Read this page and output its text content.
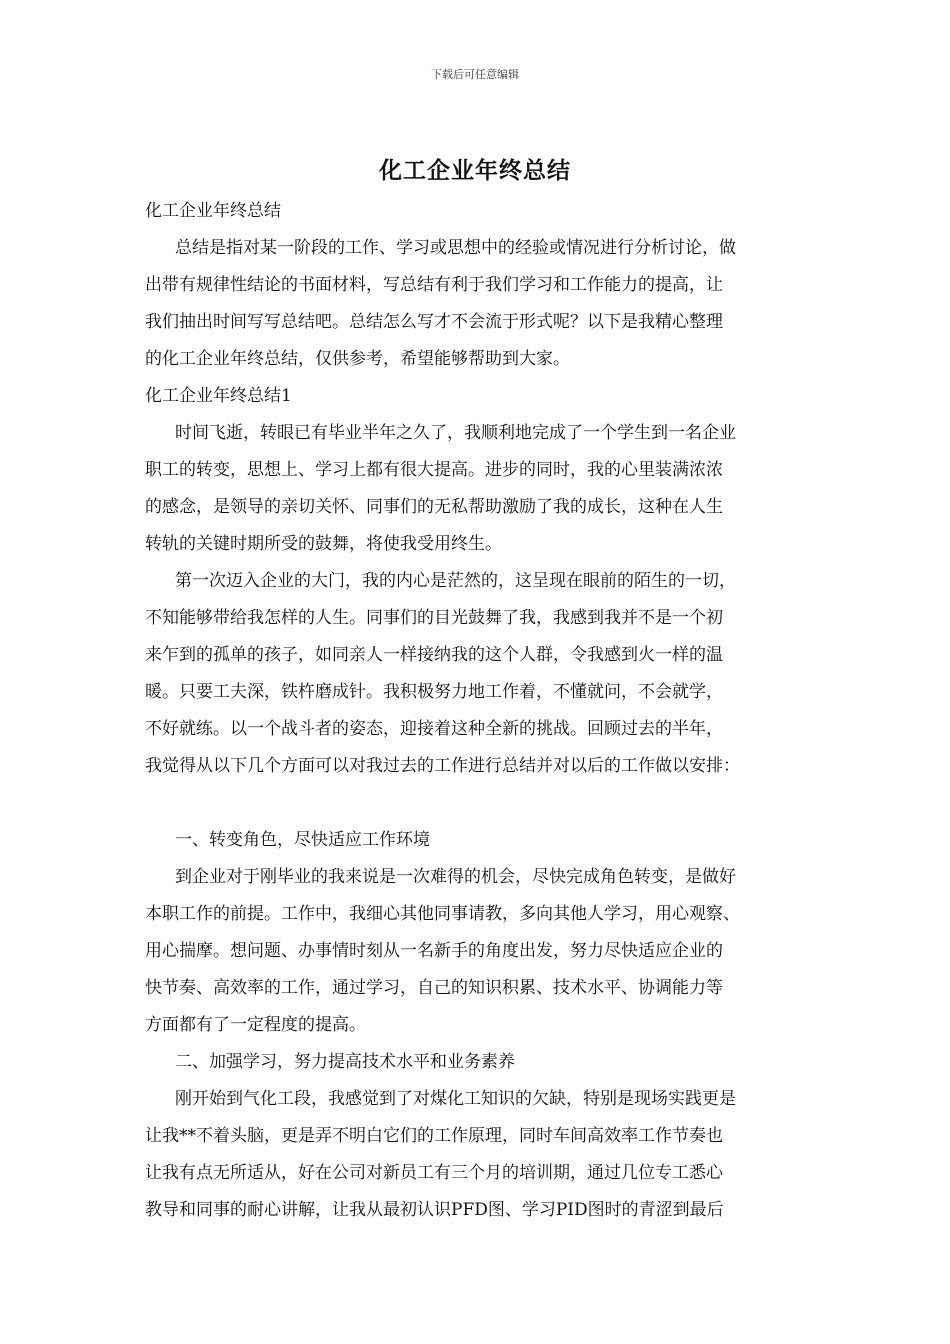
下载后可任意编辑
化工企业年终总结
化工企业年终总结
总结是指对某一阶段的工作、学习或思想中的经验或情况进行分析讨论，做
出带有规律性结论的书面材料，写总结有利于我们学习和工作能力的提高，让
我们抽出时间写写总结吧。总结怎么写才不会流于形式呢？以下是我精心整理
的化工企业年终总结，仅供参考，希望能够帮助到大家。
化工企业年终总结1
时间飞逝，转眼已有毕业半年之久了，我顺利地完成了一个学生到一名企业
职工的转变，思想上、学习上都有很大提高。进步的同时，我的心里装满浓浓
的感念，是领导的亲切关怀、同事们的无私帮助激励了我的成长，这种在人生
转轨的关键时期所受的鼓舞，将使我受用终生。
第一次迈入企业的大门，我的内心是茫然的，这呈现在眼前的陌生的一切，
不知能够带给我怎样的人生。同事们的目光鼓舞了我，我感到我并不是一个初
来乍到的孤单的孩子，如同亲人一样接纳我的这个人群，令我感到火一样的温
暖。只要工夫深，铁杵磨成针。我积极努力地工作着，不懂就问，不会就学，
不好就练。以一个战斗者的姿态，迎接着这种全新的挑战。回顾过去的半年，
我觉得从以下几个方面可以对我过去的工作进行总结并对以后的工作做以安排：
一、转变角色，尽快适应工作环境
到企业对于刚毕业的我来说是一次难得的机会，尽快完成角色转变，是做好
本职工作的前提。工作中，我细心其他同事请教，多向其他人学习，用心观察、
用心揣摩。想问题、办事情时刻从一名新手的角度出发，努力尽快适应企业的
快节奏、高效率的工作，通过学习，自己的知识积累、技术水平、协调能力等
方面都有了一定程度的提高。
二、加强学习，努力提高技术水平和业务素养
刚开始到气化工段，我感觉到了对煤化工知识的欠缺，特别是现场实践更是
让我**不着头脑，更是弄不明白它们的工作原理，同时车间高效率工作节奏也
让我有点无所适从，好在公司对新员工有三个月的培训期，通过几位专工悉心
教导和同事的耐心讲解，让我从最初认识PFD图、学习PID图时的青涩到最后
